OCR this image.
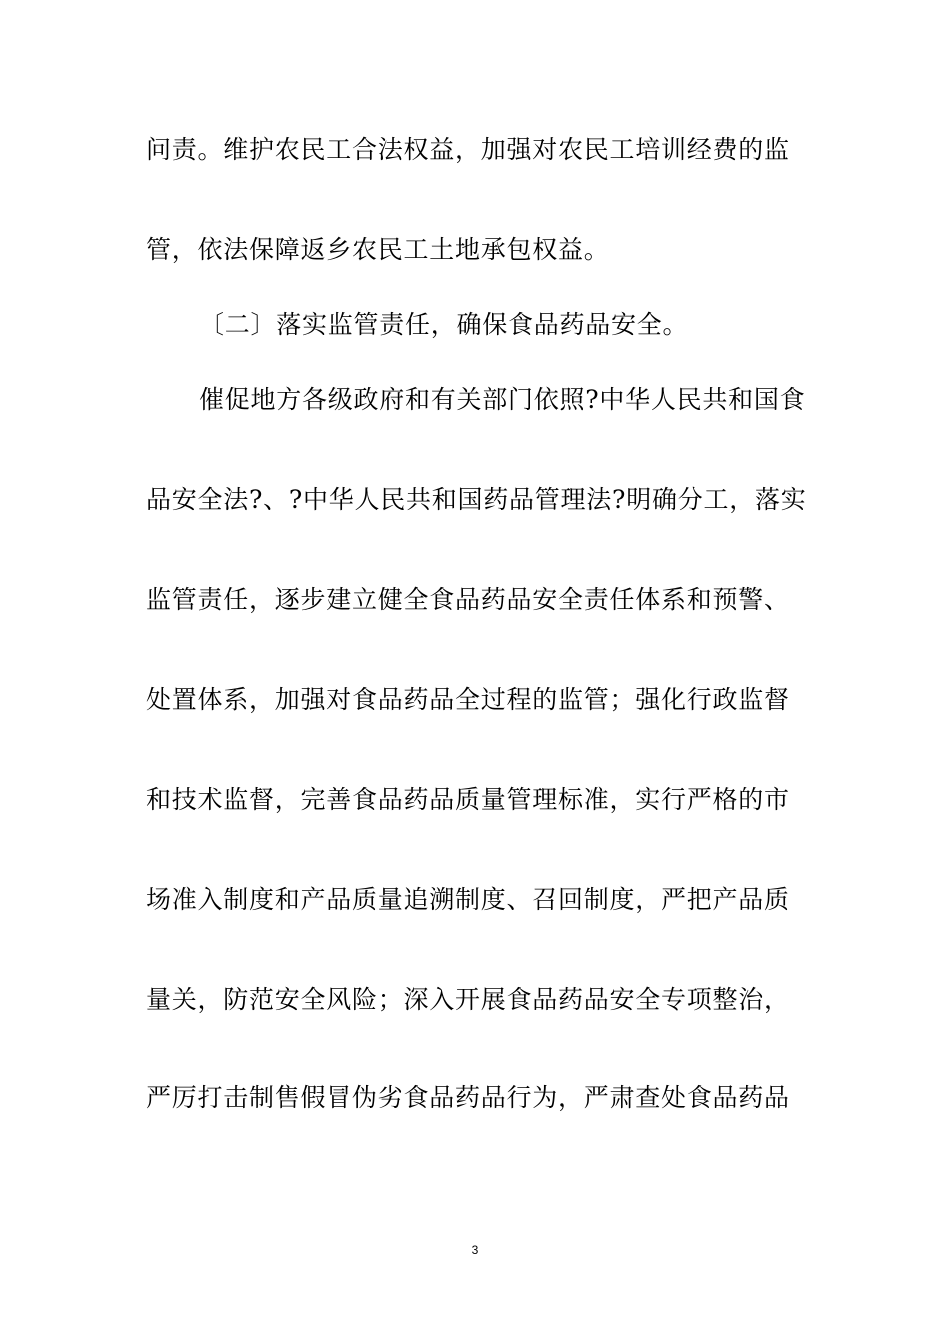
问责。维护农民工合法权益，加强对农民工培训经费的监
管，依法保障返乡农民工土地承包权益。
〔二〕落实监管责任，确保食品药品安全。
催促地方各级政府和有关部门依照?中华人民共和国食
品安全法?、?中华人民共和国药品管理法?明确分工，落实
监管责任，逐步建立健全食品药品安全责任体系和预警、
处置体系，加强对食品药品全过程的监管；强化行政监督
和技术监督，完善食品药品质量管理标准，实行严格的市
场准入制度和产品质量追溯制度、召回制度，严把产品质
量关，防范安全风险；深入开展食品药品安全专项整治，
严厉打击制售假冒伪劣食品药品行为，严肃查处食品药品
3
